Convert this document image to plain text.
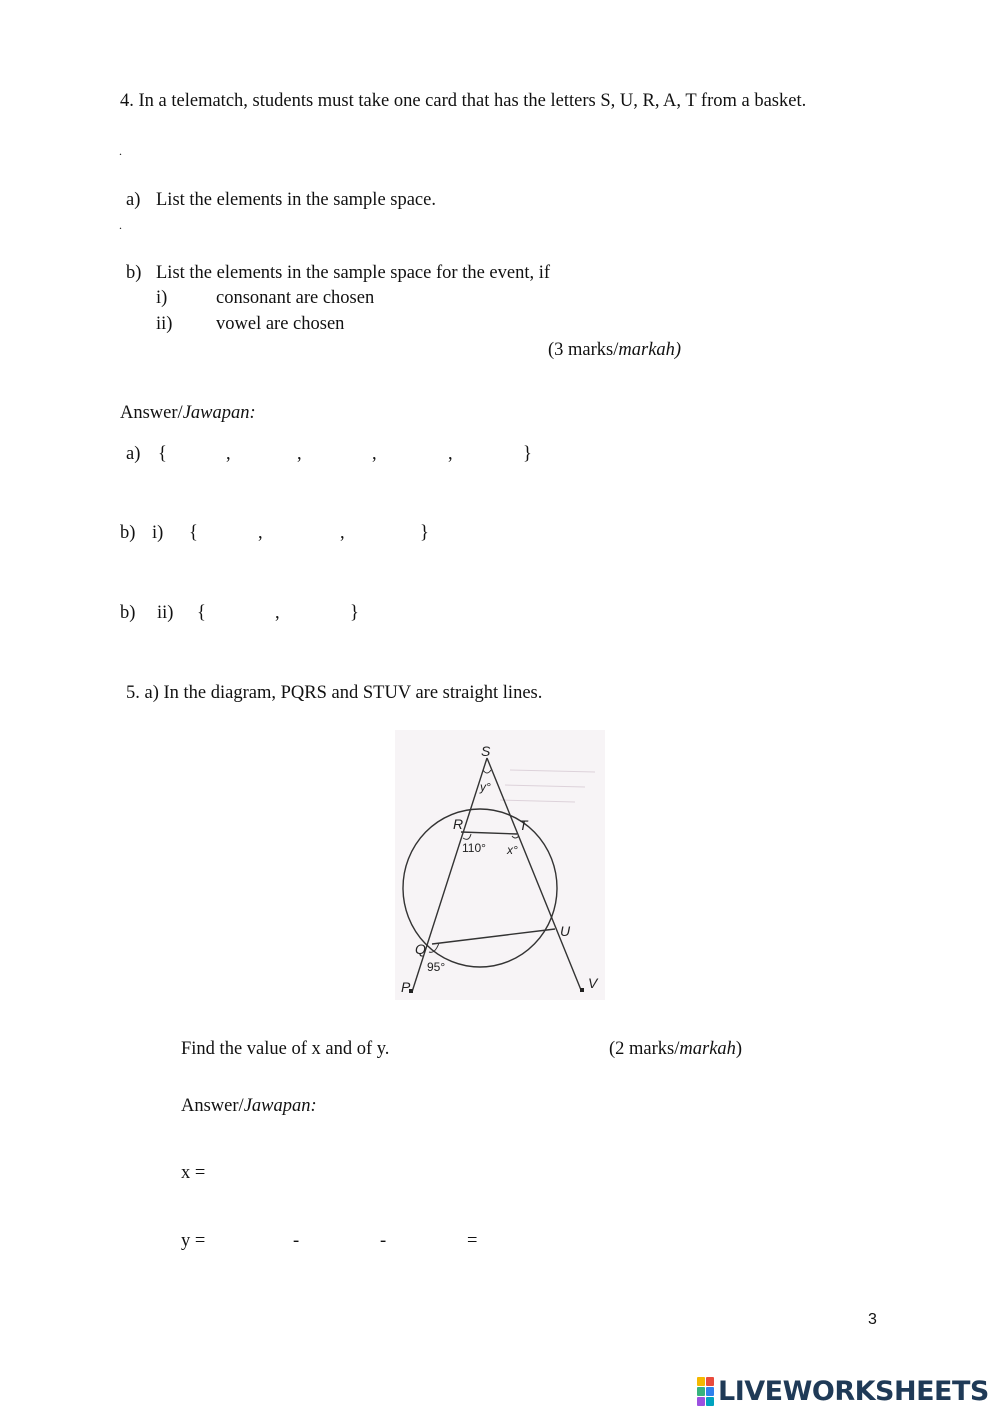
4. In a telematch, students must take one card that has the letters S, U, R, A, T from a basket.
.
a) List the elements in the sample space.
.
b) List the elements in the sample space for the event, if
i)	consonant are chosen
ii) vowel are chosen
(3 marks/markah)
Answer/Jawapan:
a) {	,	,	,	,	}
b) i) {	,	,	}
b) ii) {	,	}
5. a) In the diagram, PQRS and STUV are straight lines.
S
y°
R	T
110° x°
Q
U
95°
P	V
Find the value of x and of y.	(2 marks/markah)
Answer/Jawapan:
x =
y =	-	-	=
3
LIVEWORKSHEETS
